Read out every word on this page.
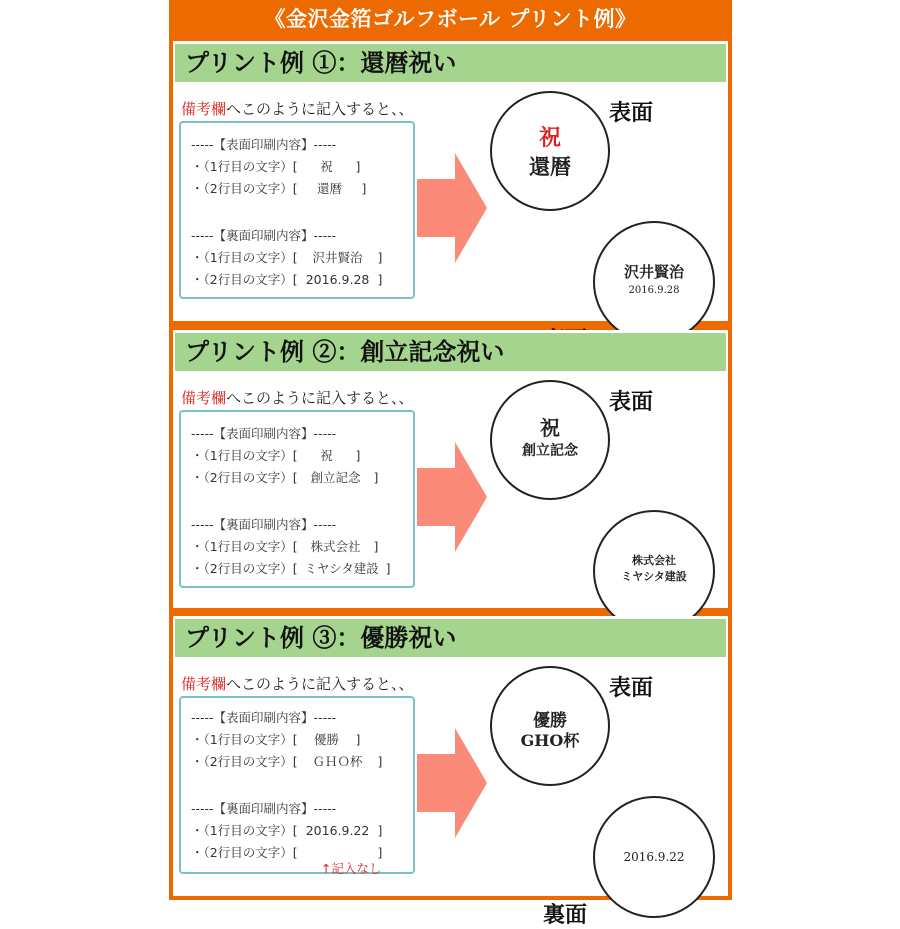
《金沢金箔ゴルフボール プリント例》
プリント例 ①：還暦祝い
備考欄へこのように記入すると、、
-----【表面印刷内容】-----
・（1行目の文字）[ 祝 ]
・（2行目の文字）[ 還暦 ]
-----【裏面印刷内容】-----
・（1行目の文字）[ 沢井賢治 ]
・（2行目の文字）[ 2016.9.28 ]
祝
還暦
沢井賢治
2016.9.28
表面
プリント例 ②：創立記念祝い
備考欄へこのように記入すると、、
-----【表面印刷内容】-----
・（1行目の文字）[ 祝 ]
・（2行目の文字）[ 創立記念 ]
-----【裏面印刷内容】-----
・（1行目の文字）[ 株式会社 ]
・（2行目の文字）[ ミヤシタ建設 ]
祝
創立記念
株式会社
ミヤシタ建設
表面
プリント例 ③：優勝祝い
備考欄へこのように記入すると、、
-----【表面印刷内容】-----
・（1行目の文字）[ 優勝 ]
・（2行目の文字）[ ＧＨＯ杯 ]
-----【裏面印刷内容】-----
・（1行目の文字）[ 2016.9.22 ]
・（2行目の文字）[	]
↑記入なし
優勝
GHO杯
2016.9.22
表面
裏面
